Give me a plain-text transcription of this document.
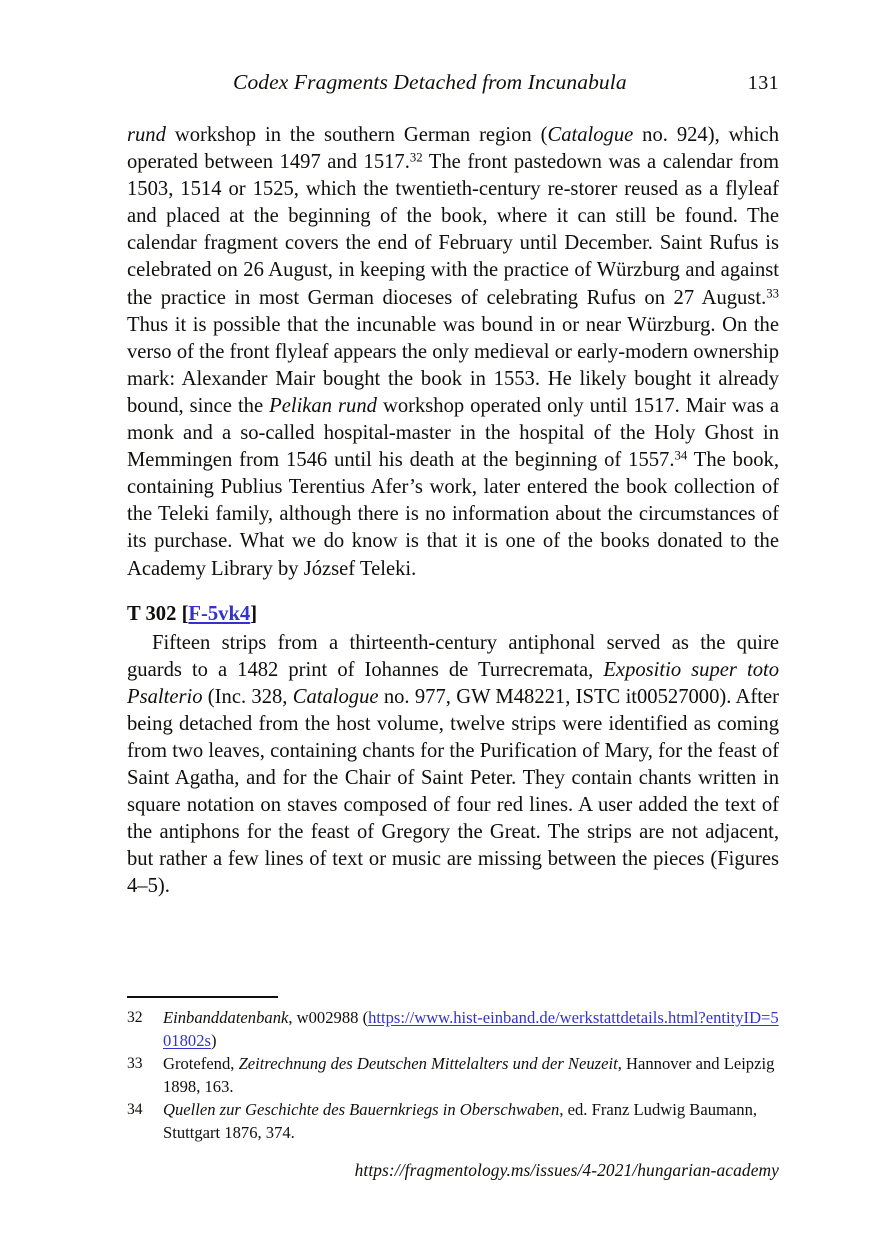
Codex Fragments Detached from Incunabula	131

rund workshop in the southern German region (Catalogue no. 924), which operated between 1497 and 1517.32 The front pastedown was a calendar from 1503, 1514 or 1525, which the twentieth-century re-storer reused as a flyleaf and placed at the beginning of the book, where it can still be found. The calendar fragment covers the end of February until December. Saint Rufus is celebrated on 26 August, in keeping with the practice of Würzburg and against the practice in most German dioceses of celebrating Rufus on 27 August.$^{33}$ Thus it is possible that the incunable was bound in or near Würzburg. On the verso of the front flyleaf appears the only medieval or early-modern ownership mark: Alexander Mair bought the book in 1553. He likely bought it already bound, since the Pelikan rund workshop operated only until 1517. Mair was a monk and a so-called hospital-master in the hospital of the Holy Ghost in Memmingen from 1546 until his death at the beginning of 1557.34 The book, containing Publius Terentius Afer’s work, later entered the book collection of the Teleki family, although there is no information about the circumstances of its purchase. What we do know is that it is one of the books donated to the Academy Library by József Teleki.

T 302 [F-5vk4]

Fifteen strips from a thirteenth-century antiphonal served as the quire guards to a 1482 print of Iohannes de Turrecremata, Expositio super toto Psalterio (Inc. 328, Catalogue no. 977, GW M48221, ISTC it00527000). After being detached from the host volume, twelve strips were identified as coming from two leaves, containing chants for the Purification of Mary, for the feast of Saint Agatha, and for the Chair of Saint Peter. They contain chants written in square notation on staves composed of four red lines. A user added the text of the antiphons for the feast of Gregory the Great. The strips are not adjacent, but rather a few lines of text or music are missing between the pieces (Figures 4–5).

32	Einbanddatenbank, w002988 (https://www.hist-einband.de/werkstattdetails.html?entityID=501802s)
33	Grotefend, Zeitrechnung des Deutschen Mittelalters und der Neuzeit, Hannover and Leipzig 1898, 163.
34	Quellen zur Geschichte des Bauernkriegs in Oberschwaben, ed. Franz Ludwig Baumann, Stuttgart 1876, 374.
https://fragmentology.ms/issues/4-2021/hungarian-academy
